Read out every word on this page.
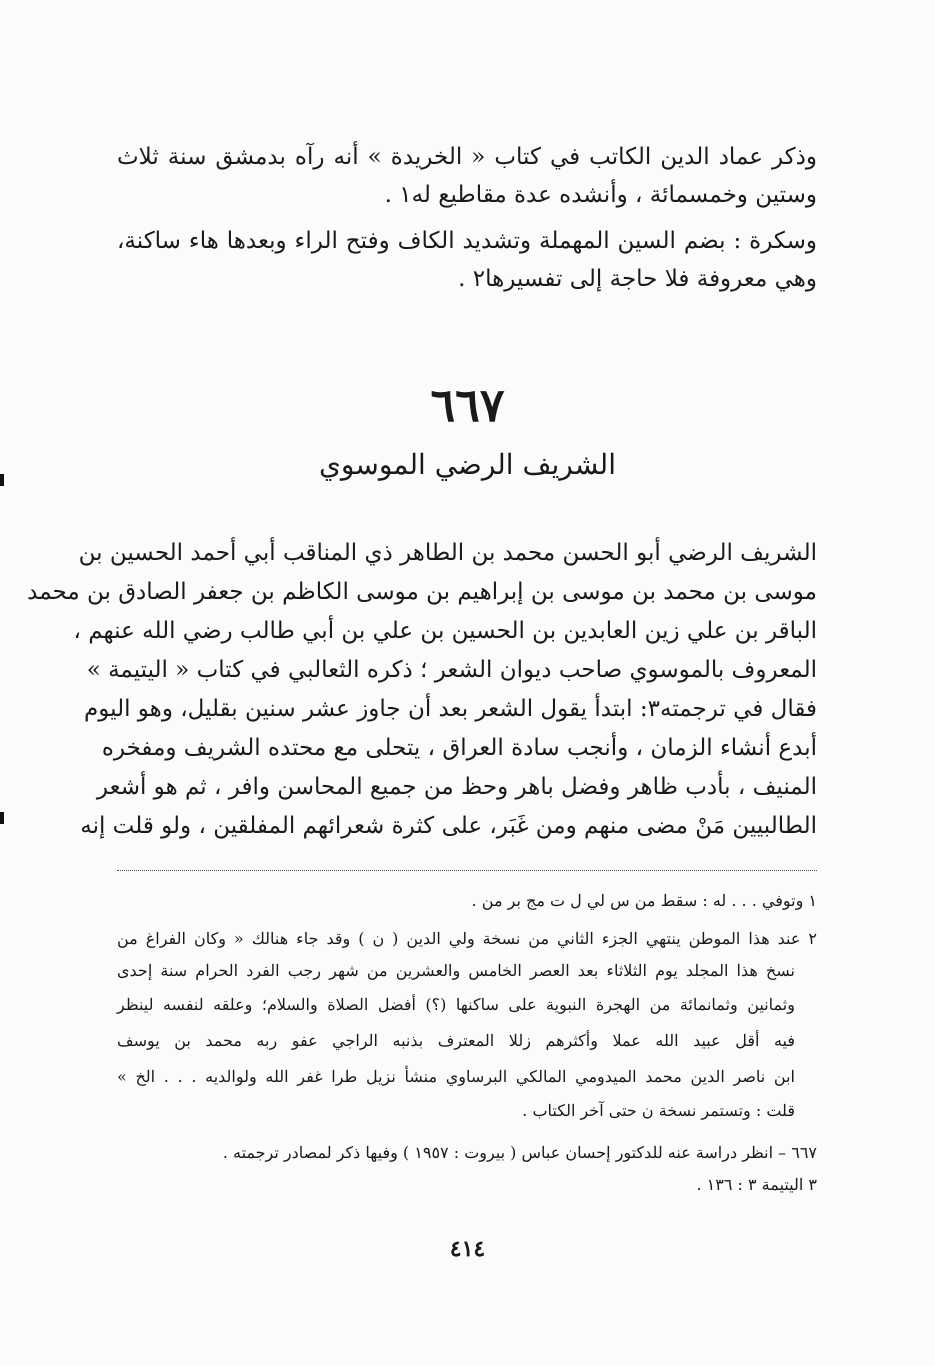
وذكر عماد الدين الكاتب في كتاب « الخريدة » أنه رآه بدمشق سنة ثلاث
وستين وخمسمائة ، وأنشده عدة مقاطيع له١ .
وسكرة : بضم السين المهملة وتشديد الكاف وفتح الراء وبعدها هاء ساكنة،
وهي معروفة فلا حاجة إلى تفسيرها٢ .
٦٦٧
الشريف الرضي الموسوي
الشريف الرضي أبو الحسن محمد بن الطاهر ذي المناقب أبي أحمد الحسين بن
موسى بن محمد بن موسى بن إبراهيم بن موسى الكاظم بن جعفر الصادق بن محمد
الباقر بن علي زين العابدين بن الحسين بن علي بن أبي طالب رضي الله عنهم ،
المعروف بالموسوي صاحب ديوان الشعر ؛ ذكره الثعالبي في كتاب « اليتيمة »
فقال في ترجمته٣: ابتدأ يقول الشعر بعد أن جاوز عشر سنين بقليل، وهو اليوم
أبدع أنشاء الزمان ، وأنجب سادة العراق ، يتحلى مع محتده الشريف ومفخره
المنيف ، بأدب ظاهر وفضل باهر وحظ من جميع المحاسن وافر ، ثم هو أشعر
الطالبيين مَنْ مضى منهم ومن غَبَر، على كثرة شعرائهم المفلقين ، ولو قلت إنه
١ وتوفي . . . له : سقط من س لي ل ت مج بر من .
٢ عند هذا الموطن ينتهي الجزء الثاني من نسخة ولي الدين ( ن ) وقد جاء هنالك « وكان الفراغ من
نسخ هذا المجلد يوم الثلاثاء بعد العصر الخامس والعشرين من شهر رجب الفرد الحرام سنة إحدى
وثمانين وثمانمائة من الهجرة النبوية على ساكنها (؟) أفضل الصلاة والسلام؛ وعلقه لنفسه لينظر
فيه أقل عبيد الله عملا وأكثرهم زللا المعترف بذنبه الراجي عفو ربه محمد بن يوسف
ابن ناصر الدين محمد الميدومي المالكي البرساوي منشأ نزيل طرا غفر الله ولوالديه . . . الخ »
قلت : وتستمر نسخة ن حتى آخر الكتاب .
٦٦٧ – انظر دراسة عنه للدكتور إحسان عباس ( بيروت : ١٩٥٧ ) وفيها ذكر لمصادر ترجمته .
٣ اليتيمة ٣ : ١٣٦ .
٤١٤
